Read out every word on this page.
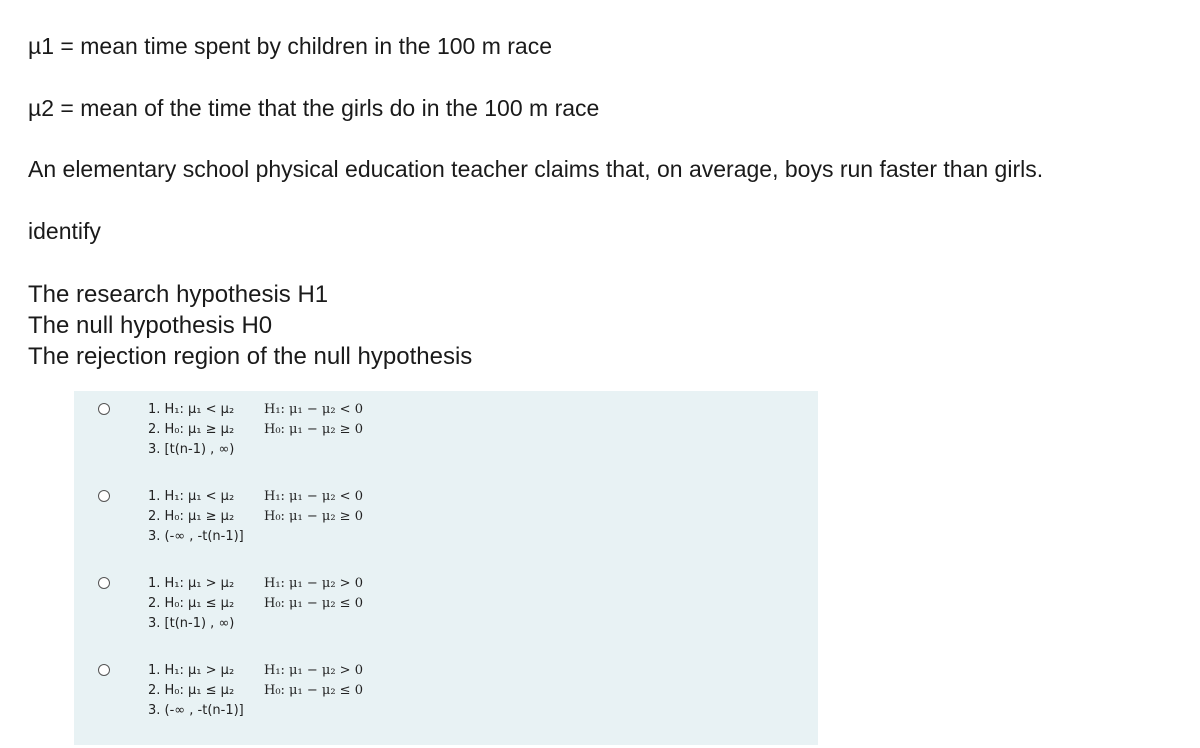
µ1 = mean time spent by children in the 100 m race
µ2 = mean of the time that the girls do in the 100 m race
An elementary school physical education teacher claims that, on average, boys run faster than girls.
identify
The research hypothesis H1
The null hypothesis H0
The rejection region of the null hypothesis
1. H₁: μ₁ < μ₂
2. H₀: μ₁ ≥ μ₂
3. [t(n-1) , ∞)
H₁: μ₁ − μ₂ < 0
H₀: μ₁ − μ₂ ≥ 0
1. H₁: μ₁ < μ₂
2. H₀: μ₁ ≥ μ₂
3. (-∞ , -t(n-1)]
H₁: μ₁ − μ₂ < 0
H₀: μ₁ − μ₂ ≥ 0
1. H₁: μ₁ > μ₂
2. H₀: μ₁ ≤ μ₂
3. [t(n-1) , ∞)
H₁: μ₁ − μ₂ > 0
H₀: μ₁ − μ₂ ≤ 0
1. H₁: μ₁ > μ₂
2. H₀: μ₁ ≤ μ₂
3. (-∞ , -t(n-1)]
H₁: μ₁ − μ₂ > 0
H₀: μ₁ − μ₂ ≤ 0
